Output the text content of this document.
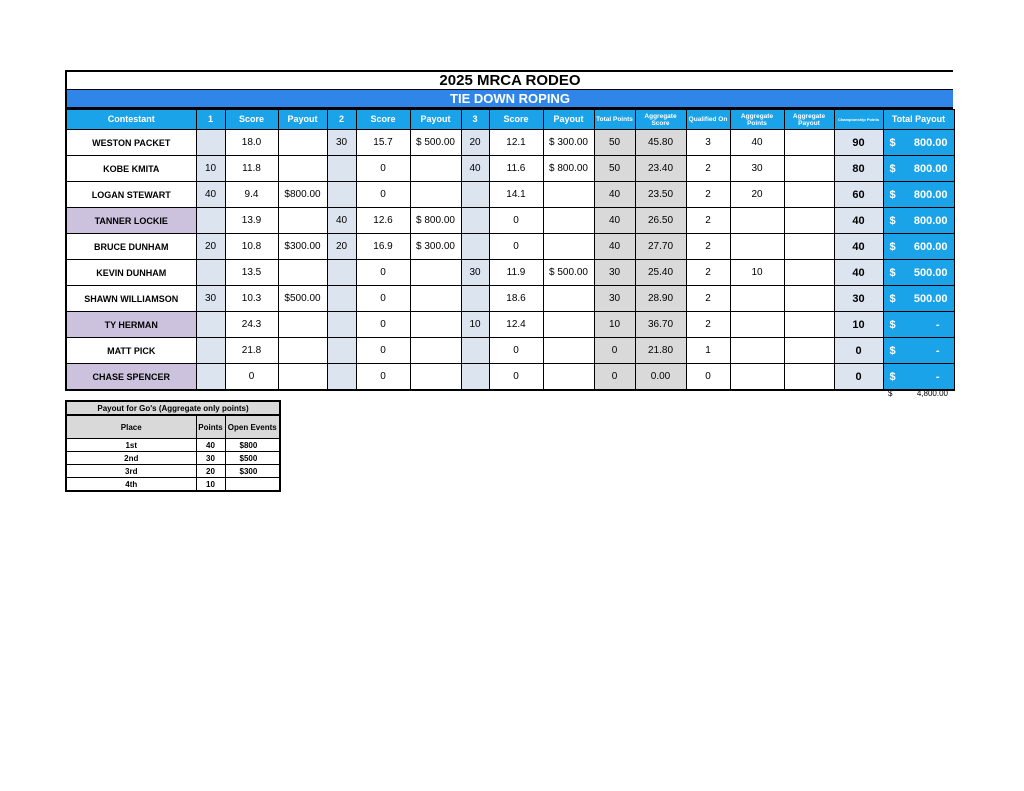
2025 MRCA RODEO
TIE DOWN ROPING
Contestant	1	Score	Payout	2	Score	Payout	3	Score	Payout	Total Points	Aggregate Score	Qualified On	Aggregate Points	Aggregate Payout	Championship Points	Total Payout
WESTON PACKET		18.0		30	15.7	$ 500.00	20	12.1	$ 300.00	50	45.80	3	40		90	$ 800.00
KOBE KMITA	10	11.8			0		40	11.6	$ 800.00	50	23.40	2	30		80	$ 800.00
LOGAN STEWART	40	9.4	$800.00		0			14.1		40	23.50	2	20		60	$ 800.00
TANNER LOCKIE		13.9		40	12.6	$ 800.00		0		40	26.50	2			40	$ 800.00
BRUCE DUNHAM	20	10.8	$300.00	20	16.9	$ 300.00		0		40	27.70	2			40	$ 600.00
KEVIN DUNHAM		13.5			0		30	11.9	$ 500.00	30	25.40	2	10		40	$ 500.00
SHAWN WILLIAMSON	30	10.3	$500.00		0			18.6		30	28.90	2			30	$ 500.00
TY HERMAN		24.3			0		10	12.4		10	36.70	2			10	$ -
MATT PICK		21.8			0			0		0	21.80	1			0	$ -
CHASE SPENCER		0			0			0		0	0.00	0			0	$ -
$	4,800.00
Payout for Go's (Aggregate only points)		
Place	Points	Open Events
1st	40	$800
2nd	30	$500
3rd	20	$300
4th	10	
